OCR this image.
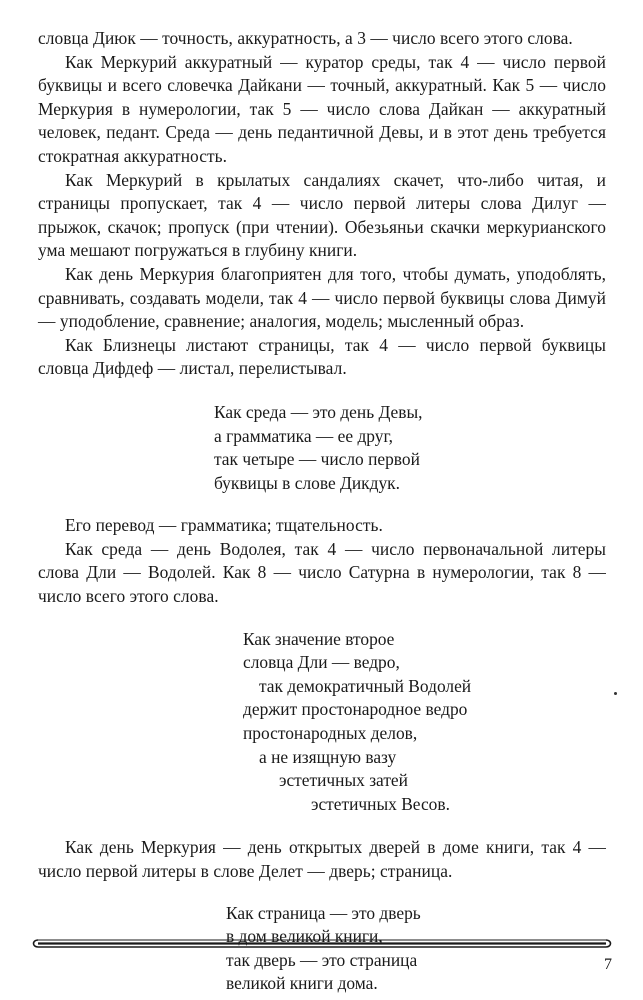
словца Диюк — точность, аккуратность, а 3 — число всего этого слова.

Как Меркурий аккуратный — куратор среды, так 4 — число первой буквицы и всего словечка Дайкани — точный, аккуратный. Как 5 — число Меркурия в нумерологии, так 5 — число слова Дайкан — аккуратный человек, педант. Среда — день педантичной Девы, и в этот день требуется стократная аккуратность.

Как Меркурий в крылатых сандалиях скачет, что-либо читая, и страницы пропускает, так 4 — число первой литеры слова Дилуг — прыжок, скачок; пропуск (при чтении). Обезьяньи скачки меркурианского ума мешают погружаться в глубину книги.

Как день Меркурия благоприятен для того, чтобы думать, уподоблять, сравнивать, создавать модели, так 4 — число первой буквицы слова Димуй — уподобление, сравнение; аналогия, модель; мысленный образ.

Как Близнецы листают страницы, так 4 — число первой буквицы словца Дифдеф — листал, перелистывал.

Как среда — это день Девы,
а грамматика — ее друг,
так четыре — число первой
буквицы в слове Дикдук.

Его перевод — грамматика; тщательность.

Как среда — день Водолея, так 4 — число первоначальной литеры слова Дли — Водолей. Как 8 — число Сатурна в нумерологии, так 8 — число всего этого слова.

Как значение второе
словца Дли — ведро,
так демократичный Водолей
держит простонародное ведро
простонародных делов,
а не изящную вазу
эстетичных затей
эстетичных Весов.

Как день Меркурия — день открытых дверей в доме книги, так 4 — число первой литеры в слове Делет — дверь; страница.

Как страница — это дверь
в дом великой книги,
так дверь — это страница
великой книги дома.
7
